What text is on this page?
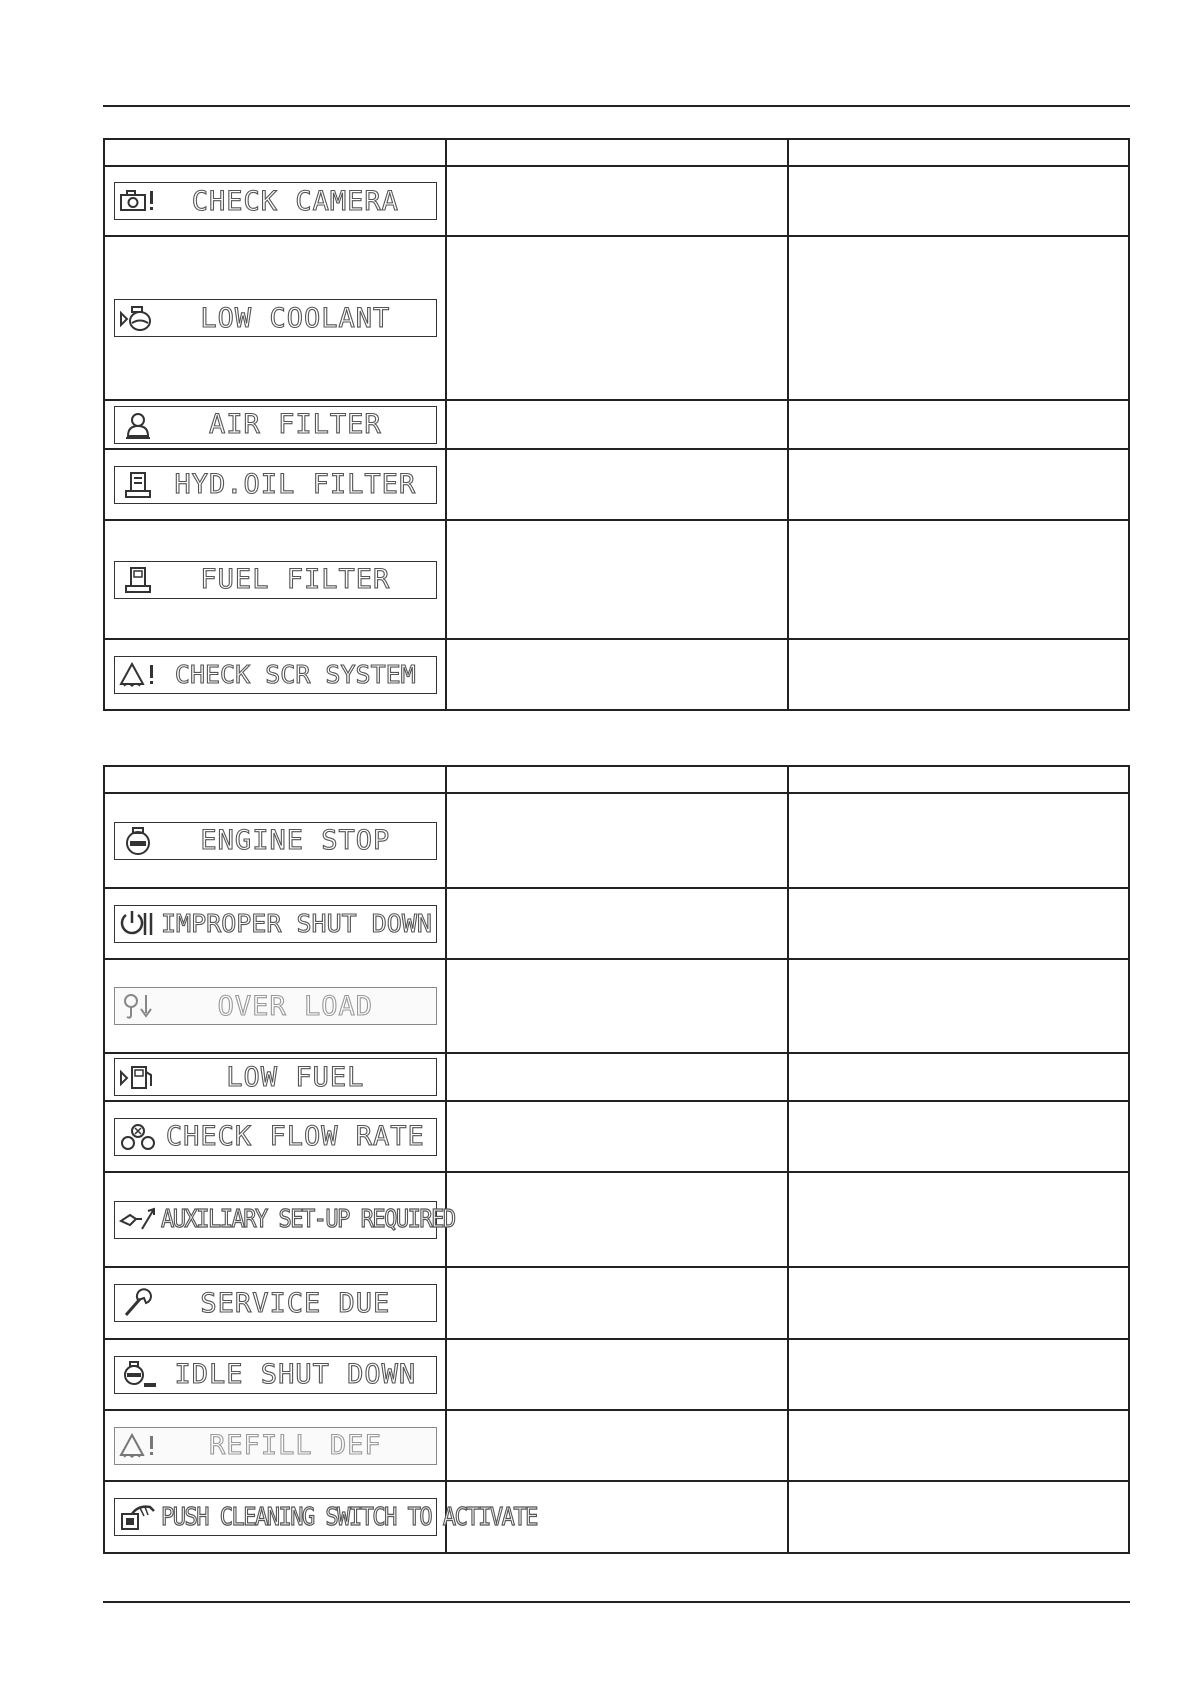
CHECK CAMERA		

LOW COOLANT		

AIR FILTER		

HYD.OIL FILTER		

FUEL FILTER		

CHECK SCR SYSTEM		

ENGINE STOP		

IMPROPER SHUT DOWN		

OVER LOAD		

LOW FUEL		

CHECK FLOW RATE		

AUXILIARY SET-UP REQUIRED		

SERVICE DUE		

IDLE SHUT DOWN		

REFILL DEF		

PUSH CLEANING SWITCH TO ACTIVATE		
